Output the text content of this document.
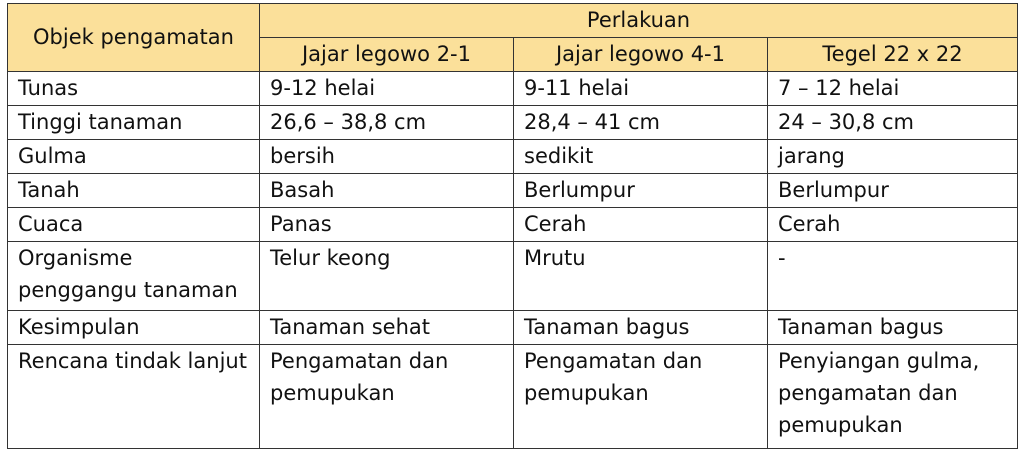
Objek pengamatan	Perlakuan		
	Jajar legowo 2-1	Jajar legowo 4-1	Tegel 22 x 22
Tunas	9-12 helai	9-11 helai	7 – 12 helai
Tinggi tanaman	26,6 – 38,8 cm	28,4 – 41 cm	24 – 30,8 cm
Gulma	bersih	sedikit	jarang
Tanah	Basah	Berlumpur	Berlumpur
Cuaca	Panas	Cerah	Cerah
Organisme penggangu tanaman	Telur keong	Mrutu	-
Kesimpulan	Tanaman sehat	Tanaman bagus	Tanaman bagus
Rencana tindak lanjut	Pengamatan dan pemupukan	Pengamatan dan pemupukan	Penyiangan gulma, pengamatan dan pemupukan
